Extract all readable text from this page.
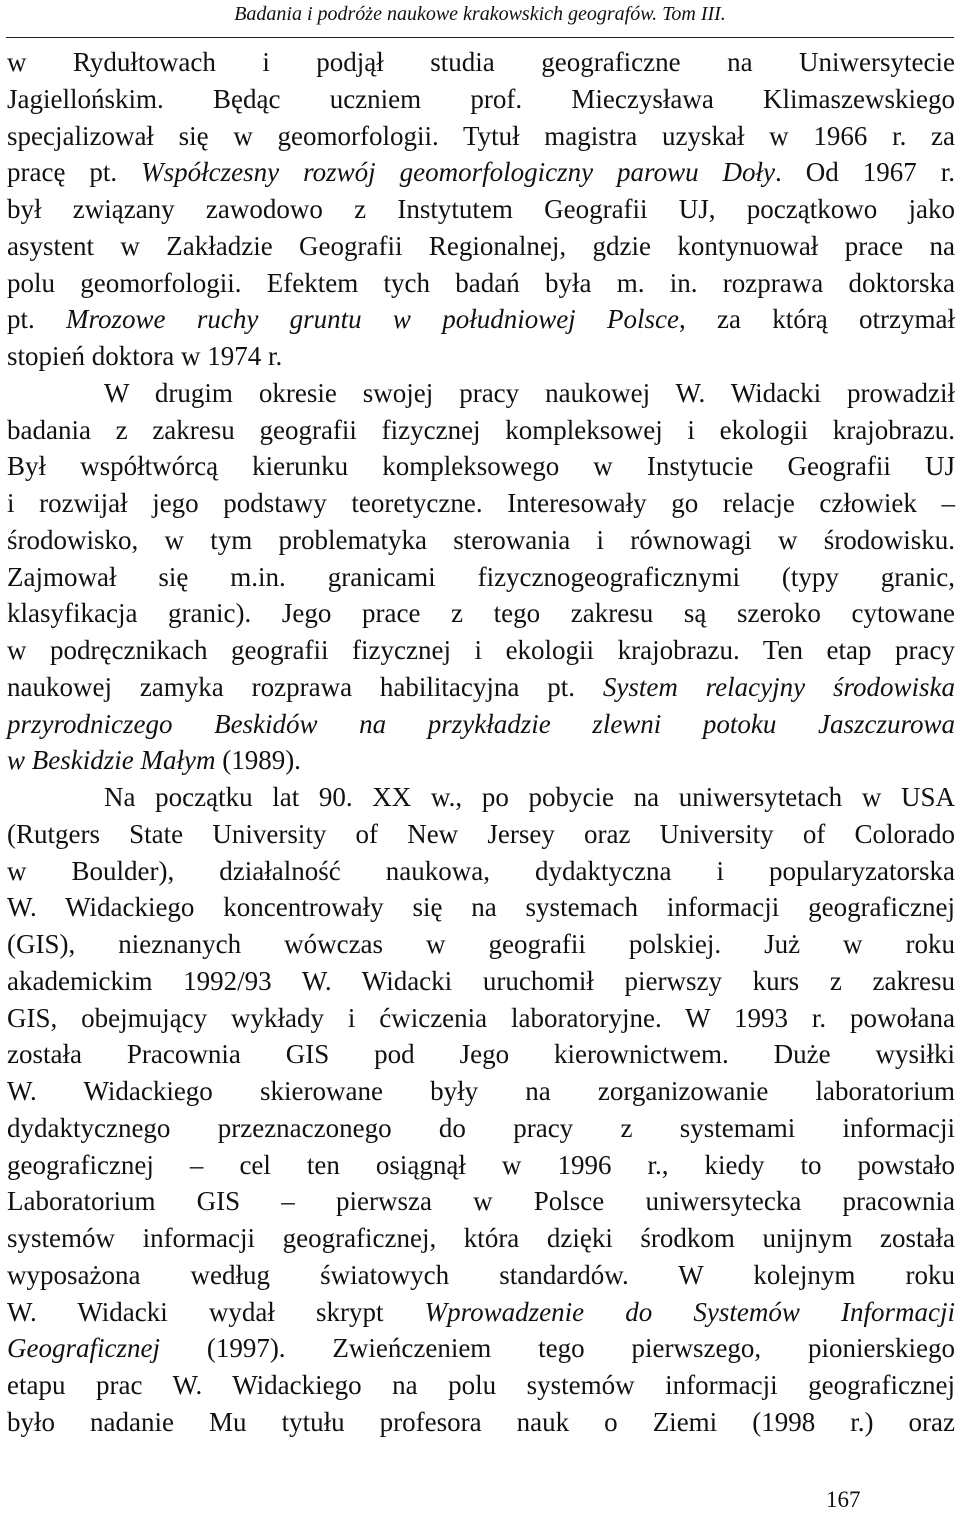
Badania i podróże naukowe krakowskich geografów. Tom III.

w Rydułtowach i podjął studia geograficzne na Uniwersytecie

Jagiellońskim. Będąc uczniem prof. Mieczysława Klimaszewskiego

specjalizował się w geomorfologii. Tytuł magistra uzyskał w 1966 r. za

pracę pt. Współczesny rozwój geomorfologiczny parowu Doły. Od 1967 r.

był związany zawodowo z Instytutem Geografii UJ, początkowo jako

asystent w Zakładzie Geografii Regionalnej, gdzie kontynuował prace na

polu geomorfologii. Efektem tych badań była m. in. rozprawa doktorska

pt. Mrozowe ruchy gruntu w południowej Polsce, za którą otrzymał

stopień doktora w 1974 r.

W drugim okresie swojej pracy naukowej W. Widacki prowadził

badania z zakresu geografii fizycznej kompleksowej i ekologii krajobrazu.

Był współtwórcą kierunku kompleksowego w Instytucie Geografii UJ

i rozwijał jego podstawy teoretyczne. Interesowały go relacje człowiek –

środowisko, w tym problematyka sterowania i równowagi w środowisku.

Zajmował się m.in. granicami fizycznogeograficznymi (typy granic,

klasyfikacja granic). Jego prace z tego zakresu są szeroko cytowane

w podręcznikach geografii fizycznej i ekologii krajobrazu. Ten etap pracy

naukowej zamyka rozprawa habilitacyjna pt. System relacyjny środowiska

przyrodniczego Beskidów na przykładzie zlewni potoku Jaszczurowa

w Beskidzie Małym (1989).

Na początku lat 90. XX w., po pobycie na uniwersytetach w USA

(Rutgers State University of New Jersey oraz University of Colorado

w Boulder), działalność naukowa, dydaktyczna i popularyzatorska

W. Widackiego koncentrowały się na systemach informacji geograficznej

(GIS), nieznanych wówczas w geografii polskiej. Już w roku

akademickim 1992/93 W. Widacki uruchomił pierwszy kurs z zakresu

GIS, obejmujący wykłady i ćwiczenia laboratoryjne. W 1993 r. powołana

została Pracownia GIS pod Jego kierownictwem. Duże wysiłki

W. Widackiego skierowane były na zorganizowanie laboratorium

dydaktycznego przeznaczonego do pracy z systemami informacji

geograficznej – cel ten osiągnął w 1996 r., kiedy to powstało

Laboratorium GIS – pierwsza w Polsce uniwersytecka pracownia

systemów informacji geograficznej, która dzięki środkom unijnym została

wyposażona według światowych standardów. W kolejnym roku

W. Widacki wydał skrypt Wprowadzenie do Systemów Informacji

Geograficznej (1997). Zwieńczeniem tego pierwszego, pionierskiego

etapu prac W. Widackiego na polu systemów informacji geograficznej

było nadanie Mu tytułu profesora nauk o Ziemi (1998 r.) oraz

167
